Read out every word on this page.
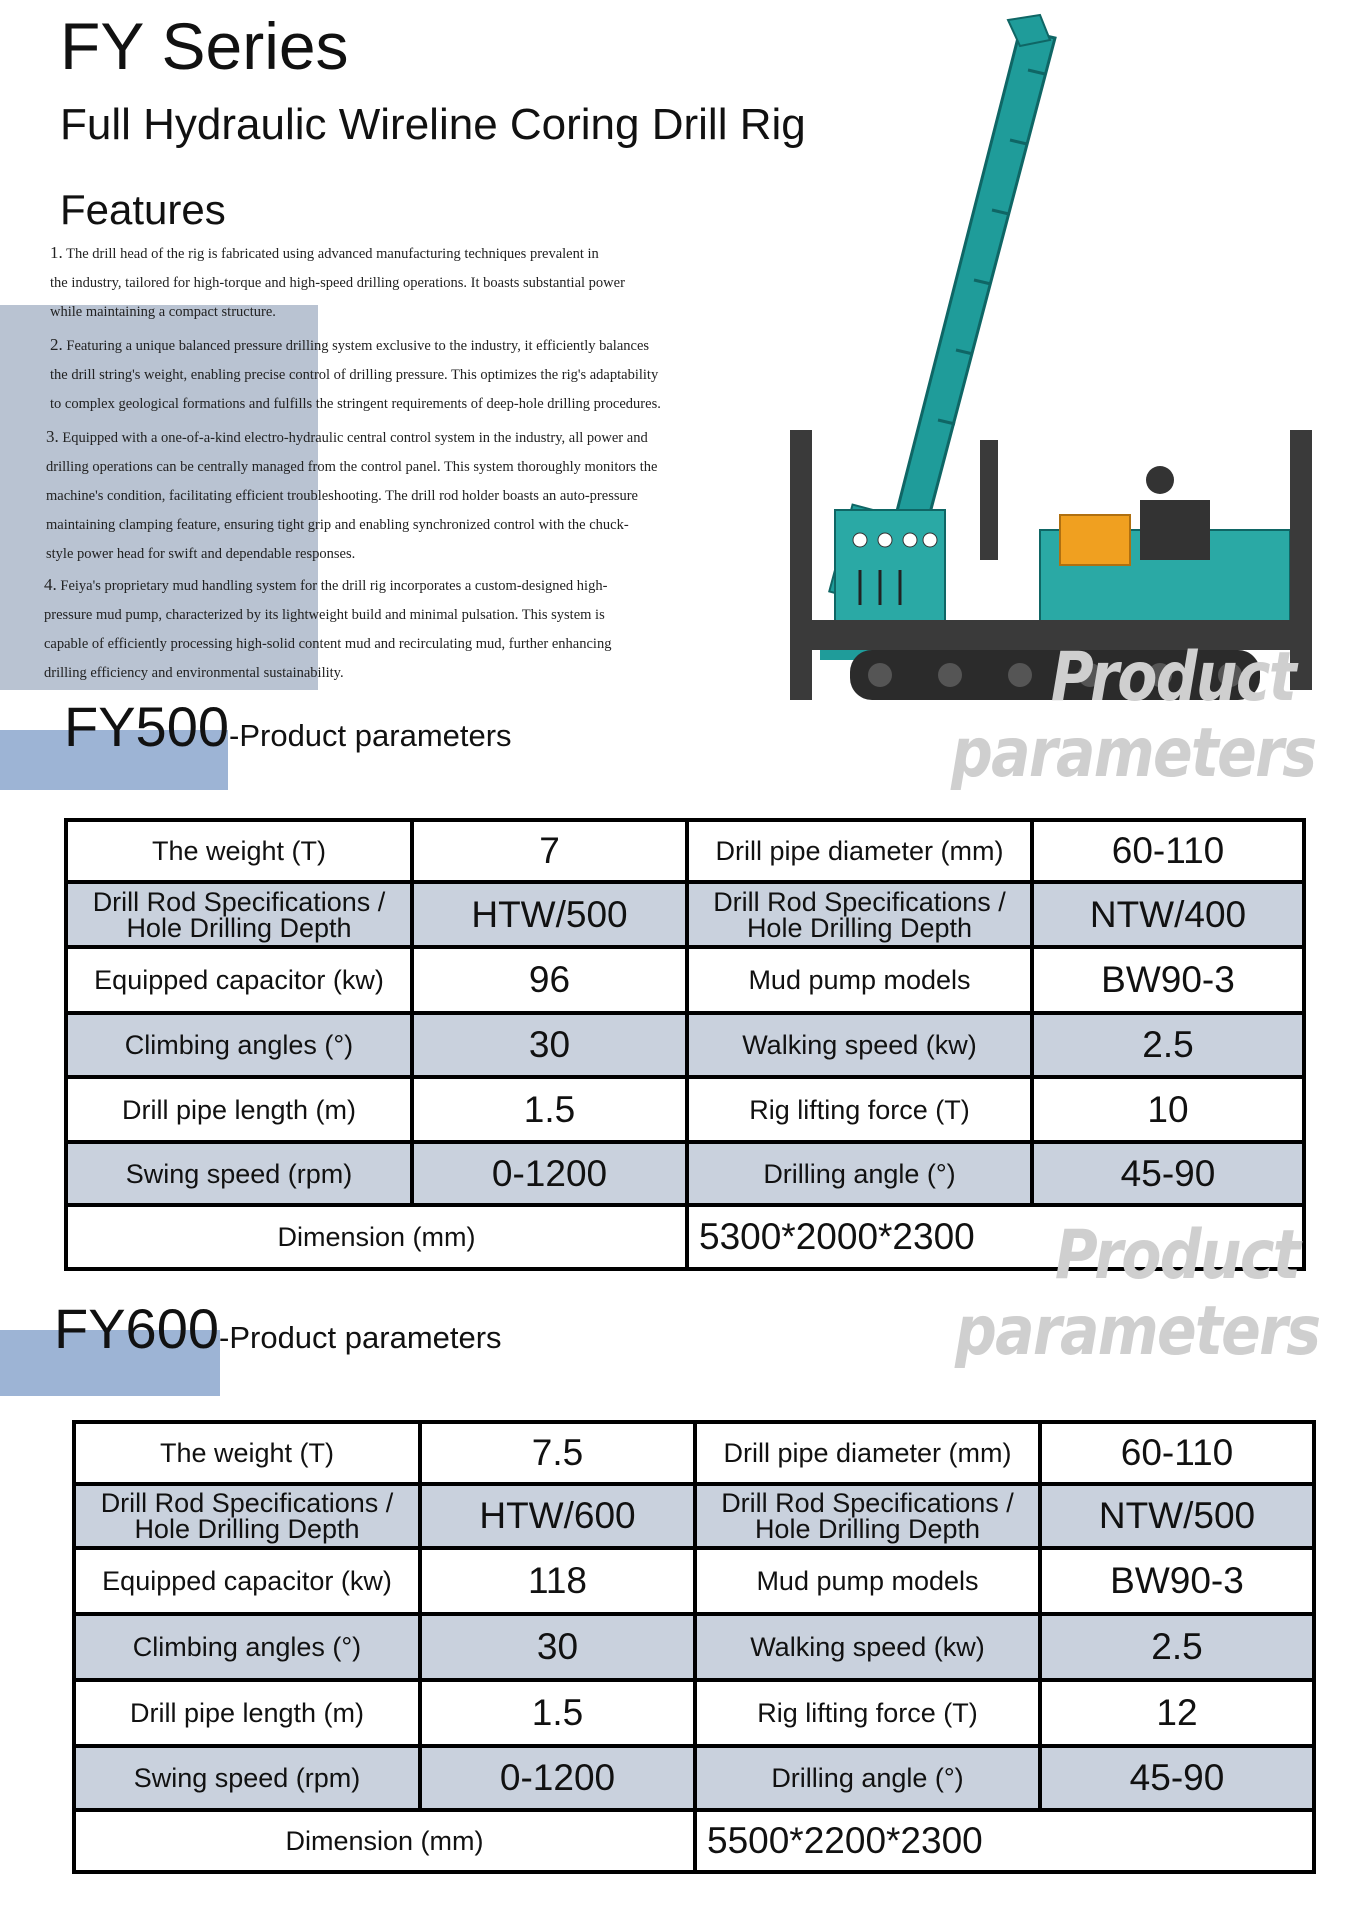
FY Series
Full Hydraulic Wireline Coring Drill Rig
Features

1. The drill head of the rig is fabricated using advanced manufacturing techniques prevalent in

the industry, tailored for high-torque and high-speed drilling operations. It boasts substantial power

while maintaining a compact structure.

2. Featuring a unique balanced pressure drilling system exclusive to the industry, it efficiently balances

the drill string's weight, enabling precise control of drilling pressure. This optimizes the rig's adaptability

to complex geological formations and fulfills the stringent requirements of deep-hole drilling procedures.

3. Equipped with a one-of-a-kind electro-hydraulic central control system in the industry, all power and

drilling operations can be centrally managed from the control panel. This system thoroughly monitors the

machine's condition, facilitating efficient troubleshooting. The drill rod holder boasts an auto-pressure

maintaining clamping feature, ensuring tight grip and enabling synchronized control with the chuck-

style power head for swift and dependable responses.

4. Feiya's proprietary mud handling system for the drill rig incorporates a custom-designed high-

pressure mud pump, characterized by its lightweight build and minimal pulsation. This system is

capable of efficiently processing high-solid content mud and recirculating mud, further enhancing

drilling efficiency and environmental sustainability.

FY500-Product parameters
Product
parameters
The weight (T)	7	Drill pipe diameter (mm)	60-110
Drill Rod Specifications / Hole Drilling Depth	HTW/500	Drill Rod Specifications / Hole Drilling Depth	NTW/400
Equipped capacitor (kw)	96	Mud pump models	BW90-3
Climbing angles (°)	30	Walking speed (kw)	2.5
Drill pipe length (m)	1.5	Rig lifting force (T)	10
Swing speed (rpm)	0-1200	Drilling angle (°)	45-90
Dimension (mm)		5300*2000*2300	
FY600-Product parameters
Product
parameters
The weight (T)	7.5	Drill pipe diameter (mm)	60-110
Drill Rod Specifications / Hole Drilling Depth	HTW/600	Drill Rod Specifications / Hole Drilling Depth	NTW/500
Equipped capacitor (kw)	118	Mud pump models	BW90-3
Climbing angles (°)	30	Walking speed (kw)	2.5
Drill pipe length (m)	1.5	Rig lifting force (T)	12
Swing speed (rpm)	0-1200	Drilling angle (°)	45-90
Dimension (mm)		5500*2200*2300	
